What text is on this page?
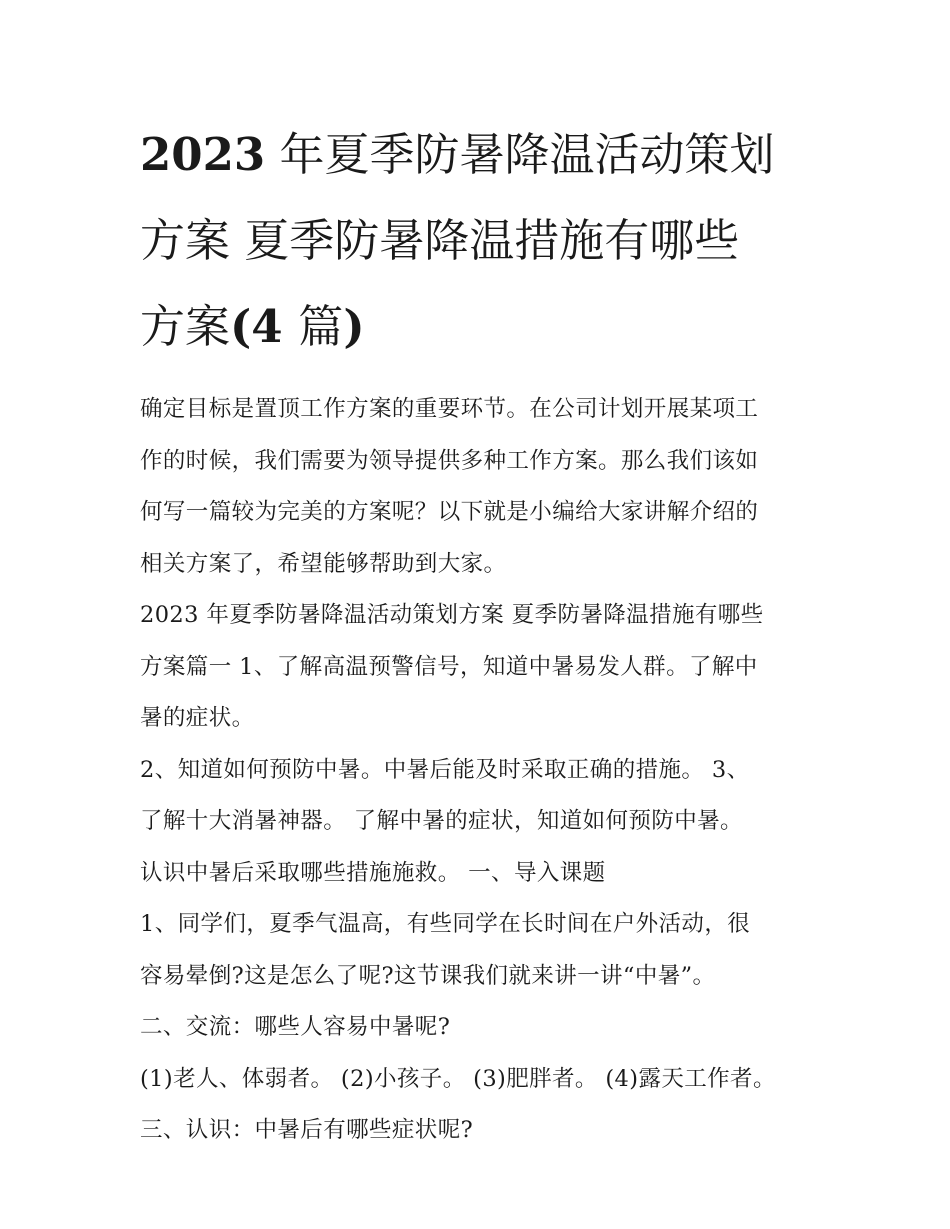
2023 年夏季防暑降温活动策划
方案 夏季防暑降温措施有哪些
方案(4 篇)
确定目标是置顶工作方案的重要环节。在公司计划开展某项工
作的时候，我们需要为领导提供多种工作方案。那么我们该如
何写一篇较为完美的方案呢？以下就是小编给大家讲解介绍的
相关方案了，希望能够帮助到大家。
2023 年夏季防暑降温活动策划方案 夏季防暑降温措施有哪些
方案篇一 1、了解高温预警信号，知道中暑易发人群。了解中
暑的症状。
2、知道如何预防中暑。中暑后能及时采取正确的措施。 3、
了解十大消暑神器。 了解中暑的症状，知道如何预防中暑。
认识中暑后采取哪些措施施救。 一、导入课题
1、同学们，夏季气温高，有些同学在长时间在户外活动，很
容易晕倒?这是怎么了呢?这节课我们就来讲一讲“中暑”。
二、交流：哪些人容易中暑呢?
(1)老人、体弱者。 (2)小孩子。 (3)肥胖者。 (4)露天工作者。
三、认识：中暑后有哪些症状呢?
